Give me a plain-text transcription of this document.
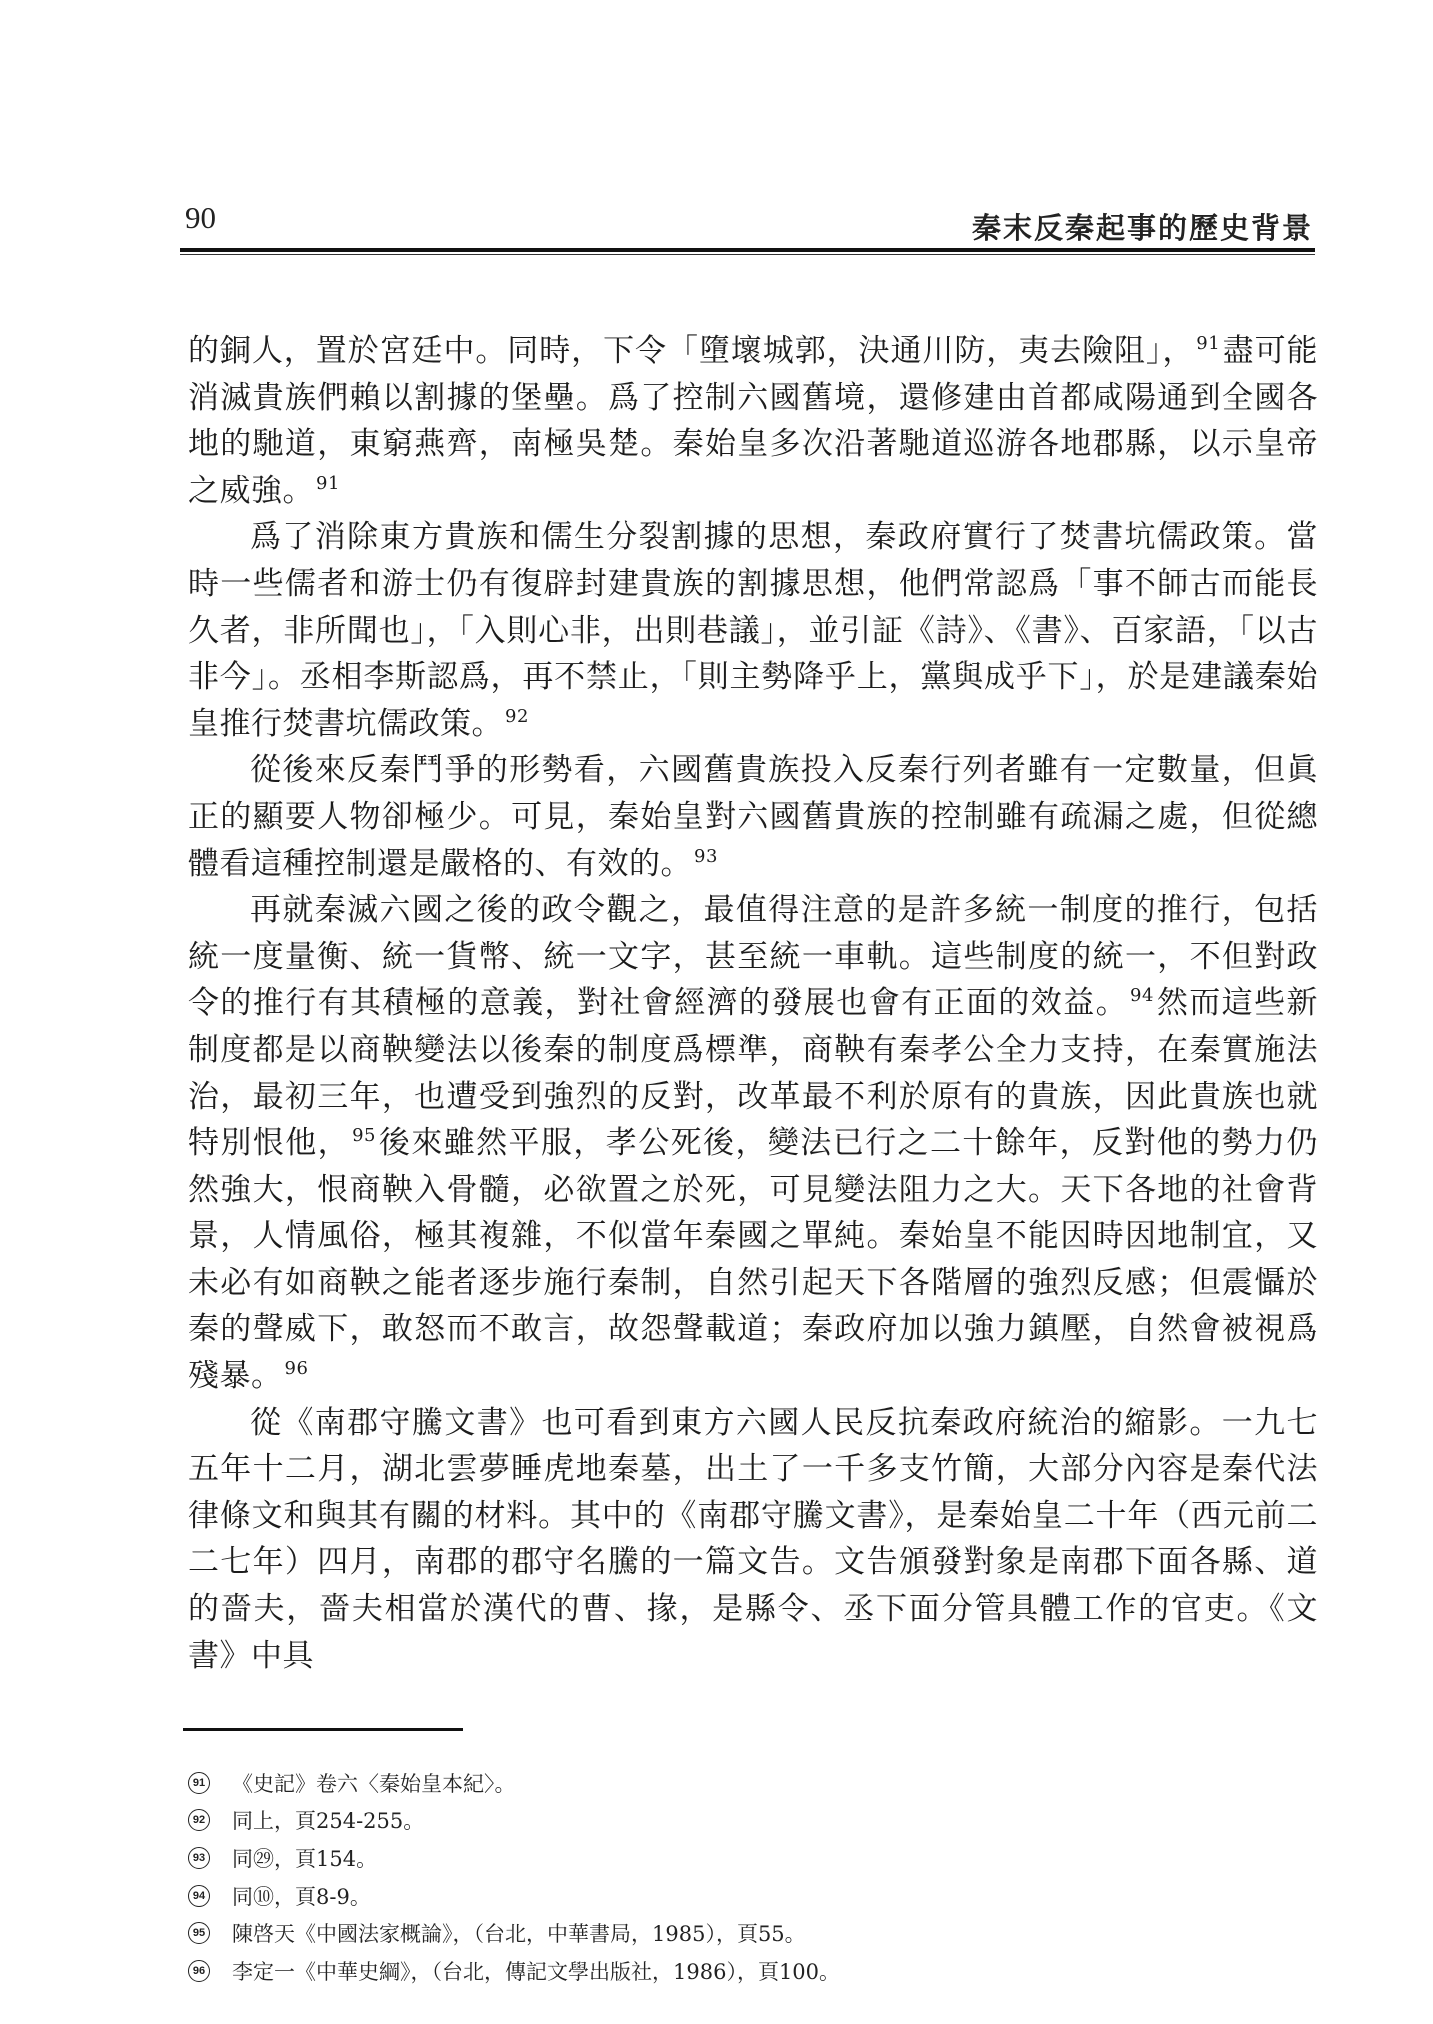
90	秦末反秦起事的歷史背景

的銅人，置於宮廷中。同時，下令「墮壞城郭，決通川防，夷去險阻」， $^{91}$盡可能消滅貴族們賴以割據的堡壘。爲了控制六國舊境，還修建由首都咸陽通到全國各地的馳道，東窮燕齊，南極吳楚。秦始皇多次沿著馳道巡游各地郡縣，以示皇帝之威強。 $^{91}$

爲了消除東方貴族和儒生分裂割據的思想，秦政府實行了焚書坑儒政策。當時一些儒者和游士仍有復辟封建貴族的割據思想，他們常認爲「事不師古而能長久者，非所聞也」，「入則心非，出則巷議」，並引証《詩》、《書》、百家語，「以古非今」。丞相李斯認爲，再不禁止，「則主勢降乎上，黨與成乎下」，於是建議秦始皇推行焚書坑儒政策。 $^{92}$

從後來反秦鬥爭的形勢看，六國舊貴族投入反秦行列者雖有一定數量，但眞正的顯要人物卻極少。可見，秦始皇對六國舊貴族的控制雖有疏漏之處，但從總體看這種控制還是嚴格的、有效的。 $^{93}$

再就秦滅六國之後的政令觀之，最值得注意的是許多統一制度的推行，包括統一度量衡、統一貨幣、統一文字，甚至統一車軌。這些制度的統一，不但對政令的推行有其積極的意義，對社會經濟的發展也會有正面的效益。 $^{94}$然而這些新制度都是以商鞅變法以後秦的制度爲標準，商鞅有秦孝公全力支持，在秦實施法治，最初三年，也遭受到強烈的反對，改革最不利於原有的貴族，因此貴族也就特別恨他， $^{95}$後來雖然平服，孝公死後，變法已行之二十餘年，反對他的勢力仍然強大，恨商鞅入骨髓，必欲置之於死，可見變法阻力之大。天下各地的社會背景，人情風俗，極其複雜，不似當年秦國之單純。秦始皇不能因時因地制宜，又未必有如商鞅之能者逐步施行秦制，自然引起天下各階層的強烈反感；但震懾於秦的聲威下，敢怒而不敢言，故怨聲載道；秦政府加以強力鎮壓，自然會被視爲殘暴。 $^{96}$

從《南郡守騰文書》也可看到東方六國人民反抗秦政府統治的縮影。一九七五年十二月，湖北雲夢睡虎地秦墓，出土了一千多支竹簡，大部分內容是秦代法律條文和與其有關的材料。其中的《南郡守騰文書》，是秦始皇二十年（西元前二二七年）四月，南郡的郡守名騰的一篇文告。文告頒發對象是南郡下面各縣、道的嗇夫，嗇夫相當於漢代的曹、掾，是縣令、丞下面分管具體工作的官吏。《文書》中具

91 《史記》卷六〈秦始皇本紀〉。
92 同上，頁254-255。
93 同㉙，頁154。
94 同⑩，頁8-9。
95 陳啓天《中國法家概論》，（台北，中華書局，1985），頁55。
96 李定一《中華史綱》，（台北，傳記文學出版社，1986），頁100。
